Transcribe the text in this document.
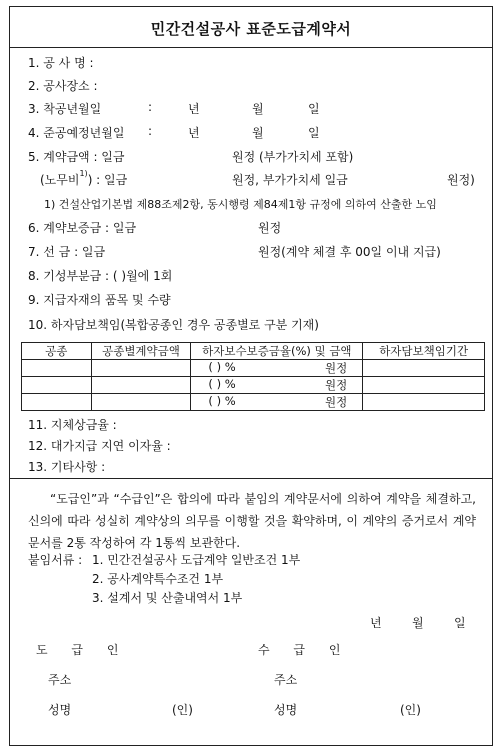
민간건설공사 표준도급계약서
1. 공 사 명 :
2. 공사장소 :
3. 착공년월일	:	년	월	일
4. 준공예정년월일 :	년	월	일
5. 계약금액 : 일금	원정 (부가가치세 포함)
(노무비$^{1)}$) : 일금	원정, 부가가치세 일금	원정)
1) 건설산업기본법 제88조제2항, 동시행령 제84제1항 규정에 의하여 산출한 노임
6. 계약보증금 : 일금	원정
7. 선 금 : 일금	원정(계약 체결 후 00일 이내 지급)
8. 기성부분금 : ( )월에 1회
9. 지급자재의 품목 및 수량
10. 하자담보책임(복합공종인 경우 공종별로 구분 기재)
공종	공종별계약금액	하자보수보증금율(%) 및 금액	하자담보책임기간

		( ) % 원정	

		( ) % 원정	

		( ) % 원정	

11. 지체상금율 :
12. 대가지급 지연 이자율 :
13. 기타사항 :
“도급인”과 “수급인”은 합의에 따라 붙임의 계약문서에 의하여 계약을 체결하고, 신의에 따라 성실히 계약상의 의무를 이행할 것을 확약하며, 이 계약의 증거로서 계약문서를 2통 작성하여 각 1통씩 보관한다.
붙임서류 : 1. 민간건설공사 도급계약 일반조건 1부
2. 공사계약특수조건 1부
3. 설계서 및 산출내역서 1부
년	월	일
도 급 인	수 급 인
주소	주소
성명	(인)	성명	(인)
